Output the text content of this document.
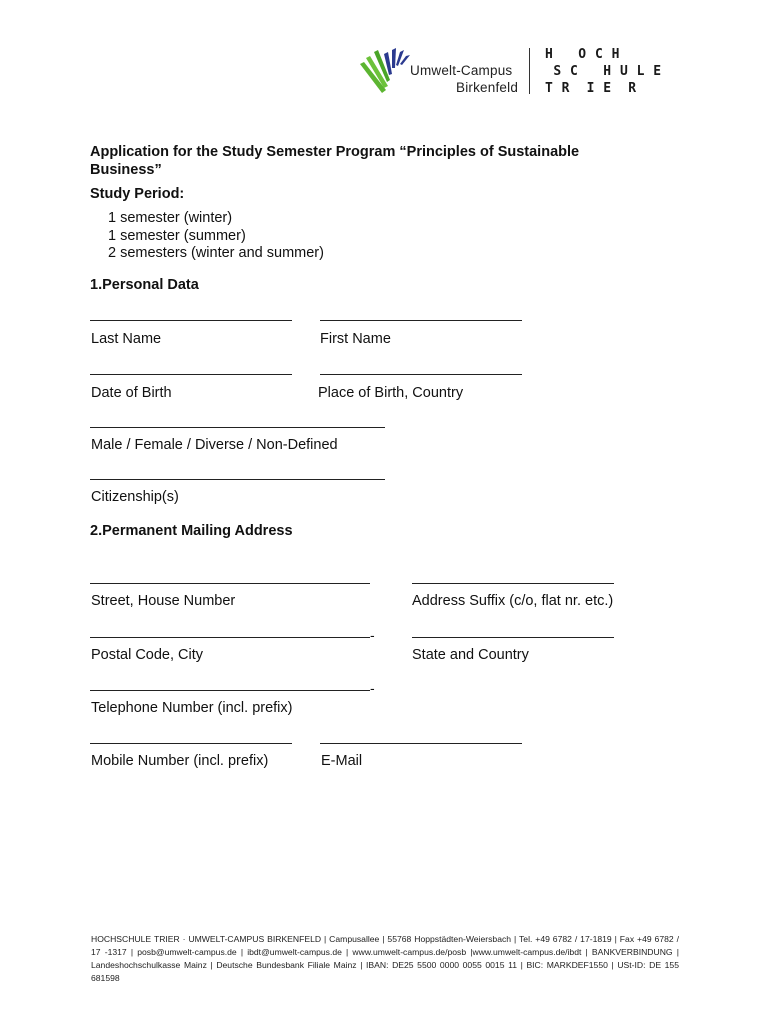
Umwelt-Campus
Birkenfeld
H   O C H
S C   H U L E
T R  I E  R
Application for the Study Semester Program “Principles of Sustainable Business”
Study Period:
1 semester (winter)
1 semester (summer)
2 semesters (winter and summer)
1.Personal Data
Last Name	First Name
Date of Birth	Place of Birth, Country
Male / Female / Diverse / Non-Defined
Citizenship(s)
2.Permanent Mailing Address
Street, House Number	Address Suffix (c/o, flat nr. etc.)
-
Postal Code, City	State and Country
-
Telephone Number (incl. prefix)
Mobile Number (incl. prefix)	E-Mail
HOCHSCHULE TRIER · UMWELT-CAMPUS BIRKENFELD | Campusallee | 55768 Hoppstädten-Weiersbach | Tel. +49 6782 / 17-1819 | Fax +49 6782 / 17 -1317 | posb@umwelt-campus.de | ibdt@umwelt-campus.de | www.umwelt-campus.de/posb |www.umwelt-campus.de/ibdt | BANKVERBINDUNG | Landeshochschulkasse Mainz | Deutsche Bundesbank Filiale Mainz | IBAN: DE25 5500 0000 0055 0015 11 | BIC: MARKDEF1550 | USt-ID: DE 155 681598
